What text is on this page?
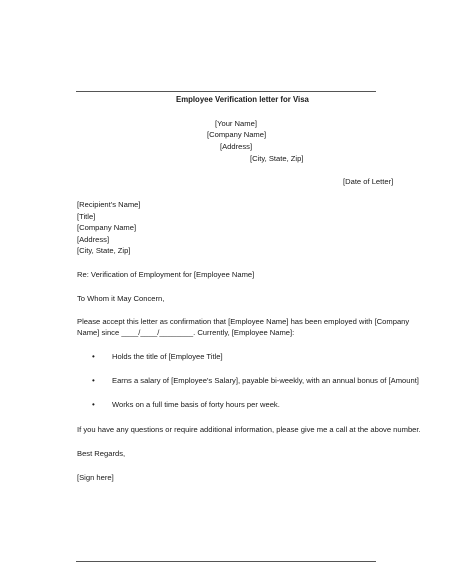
Employee Verification letter for Visa
[Your Name]
[Company Name]
[Address]
[City, State, Zip]
[Date of Letter]
[Recipient's Name]
[Title]
[Company Name]
[Address]
[City, State, Zip]
Re: Verification of Employment for [Employee Name]
To Whom it May Concern,
Please accept this letter as confirmation that [Employee Name] has been employed with [Company
Name] since ____/____/________. Currently, [Employee Name]:
• Holds the title of [Employee Title]
• Earns a salary of [Employee's Salary], payable bi-weekly, with an annual bonus of [Amount]
• Works on a full time basis of forty hours per week.
If you have any questions or require additional information, please give me a call at the above number.
Best Regards,
[Sign here]
